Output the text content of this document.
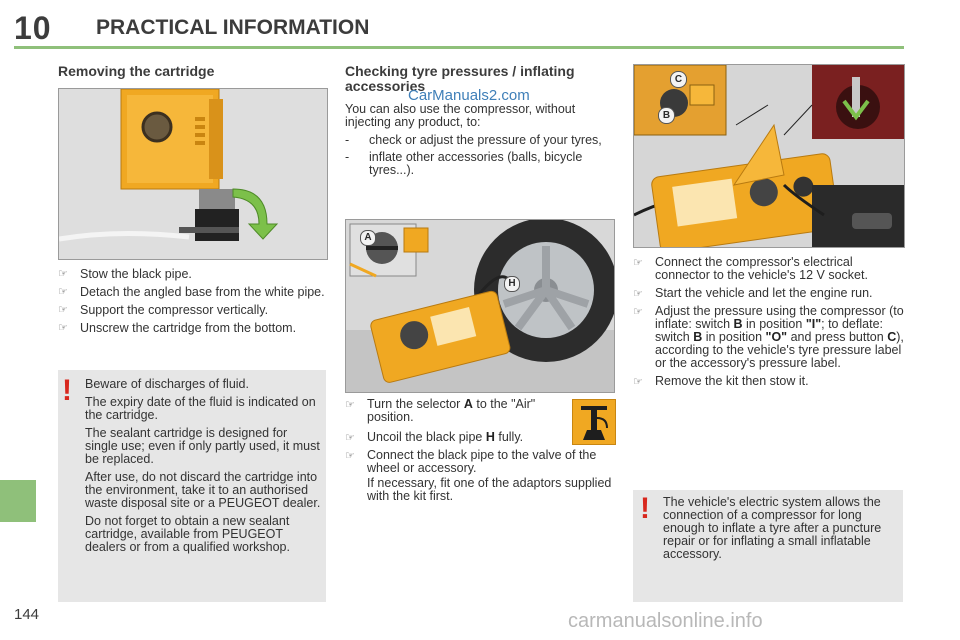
10 PRACTICAL INFORMATION
144	carmanualsonline.info
Removing the cartridge
☞ Stow the black pipe.
☞ Detach the angled base from the white pipe.
☞ Support the compressor vertically.
☞ Unscrew the cartridge from the bottom.
! Beware of discharges of fluid.

The expiry date of the fluid is indicated on the cartridge.

The sealant cartridge is designed for single use; even if only partly used, it must be replaced.

After use, do not discard the cartridge into the environment, take it to an authorised waste disposal site or a PEUGEOT dealer.

Do not forget to obtain a new sealant cartridge, available from PEUGEOT dealers or from a qualified workshop.

Checking tyre pressures / inflating accessories
CarManuals2.com
You can also use the compressor, without injecting any product, to:
- check or adjust the pressure of your tyres,
- inflate other accessories (balls, bicycle tyres...).
A
H
☞ Turn the selector A to the "Air" position.
☞ Uncoil the black pipe H fully.
☞ Connect the black pipe to the valve of the wheel or accessory.
If necessary, fit one of the adaptors supplied with the kit first.
C
B
☞ Connect the compressor's electrical connector to the vehicle's 12 V socket.
☞ Start the vehicle and let the engine run.
☞ Adjust the pressure using the compressor (to inflate: switch B in position "I"; to deflate: switch B in position "O" and press button C), according to the vehicle's tyre pressure label or the accessory's pressure label.
☞ Remove the kit then stow it.
! The vehicle's electric system allows the connection of a compressor for long enough to inflate a tyre after a puncture repair or for inflating a small inflatable accessory.
